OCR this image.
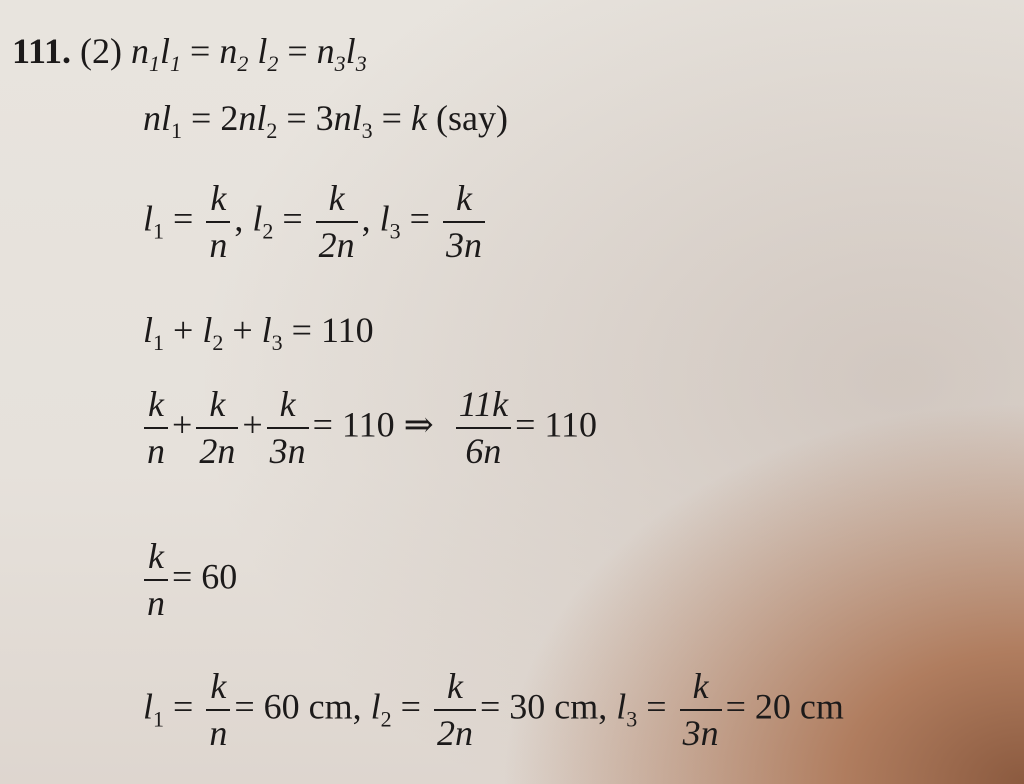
111. (2) $n_1l_1 = n_2$ $l_2 = n_3l_3$
$nl_1 = 2nl_2 = 3nl_3 = k$ (say)
$l_1 = \frac{k}{n}$ , $l_2 = \frac{k}{2n}$ , $l_3 = \frac{k}{3n}$
$l_1 + l_2 + l_3 = 110$
$\frac{k}{n} + \frac{k}{2n} + \frac{k}{3n} = 110$ ⇒ $\frac{11k}{6n} = 110$
$\frac{k}{n} = 60$
$l_1 = \frac{k}{n} = 60$ cm, $l_2 = \frac{k}{2n} = 30$ cm, $l_3 = \frac{k}{3n} = 20$ cm
